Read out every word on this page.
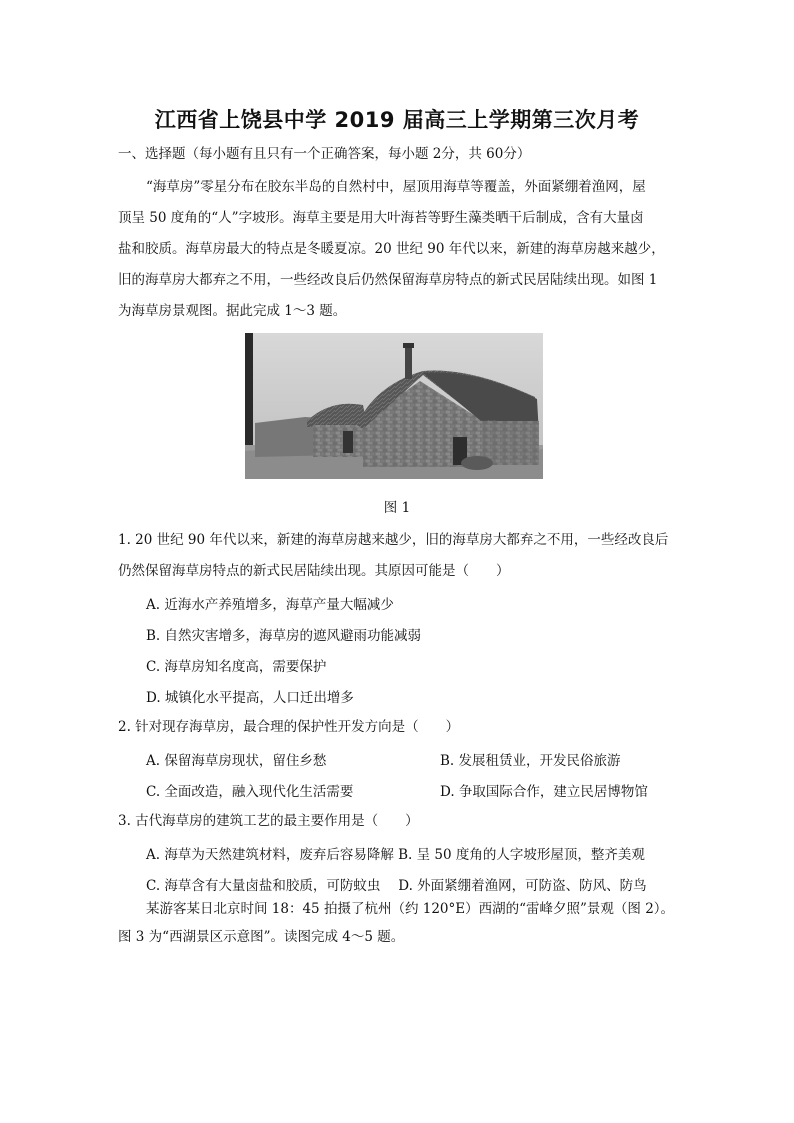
江西省上饶县中学 2019 届高三上学期第三次月考
一、选择题（每小题有且只有一个正确答案，每小题 2分，共 60分）
“海草房”零星分布在胶东半岛的自然村中，屋顶用海草等覆盖，外面紧绷着渔网，屋
顶呈 50 度角的“人”字坡形。海草主要是用大叶海苔等野生藻类晒干后制成，含有大量卤
盐和胶质。海草房最大的特点是冬暖夏凉。20 世纪 90 年代以来，新建的海草房越来越少，
旧的海草房大都弃之不用，一些经改良后仍然保留海草房特点的新式民居陆续出现。如图 1
为海草房景观图。据此完成 1～3 题。
图 1
1. 20 世纪 90 年代以来，新建的海草房越来越少，旧的海草房大都弃之不用，一些经改良后
仍然保留海草房特点的新式民居陆续出现。其原因可能是（　　）
A. 近海水产养殖增多，海草产量大幅减少
B. 自然灾害增多，海草房的遮风避雨功能减弱
C. 海草房知名度高，需要保护
D. 城镇化水平提高，人口迁出增多
2. 针对现存海草房，最合理的保护性开发方向是（　　）
A. 保留海草房现状，留住乡愁	B. 发展租赁业，开发民俗旅游
C. 全面改造，融入现代化生活需要	D. 争取国际合作，建立民居博物馆
3. 古代海草房的建筑工艺的最主要作用是（　　）
A. 海草为天然建筑材料，废弃后容易降解 B. 呈 50 度角的人字坡形屋顶，整齐美观
C. 海草含有大量卤盐和胶质，可防蚊虫　 D. 外面紧绷着渔网，可防盗、防风、防鸟
某游客某日北京时间 18：45 拍摄了杭州（约 120°E）西湖的“雷峰夕照”景观（图 2）。
图 3 为“西湖景区示意图”。读图完成 4～5 题。
